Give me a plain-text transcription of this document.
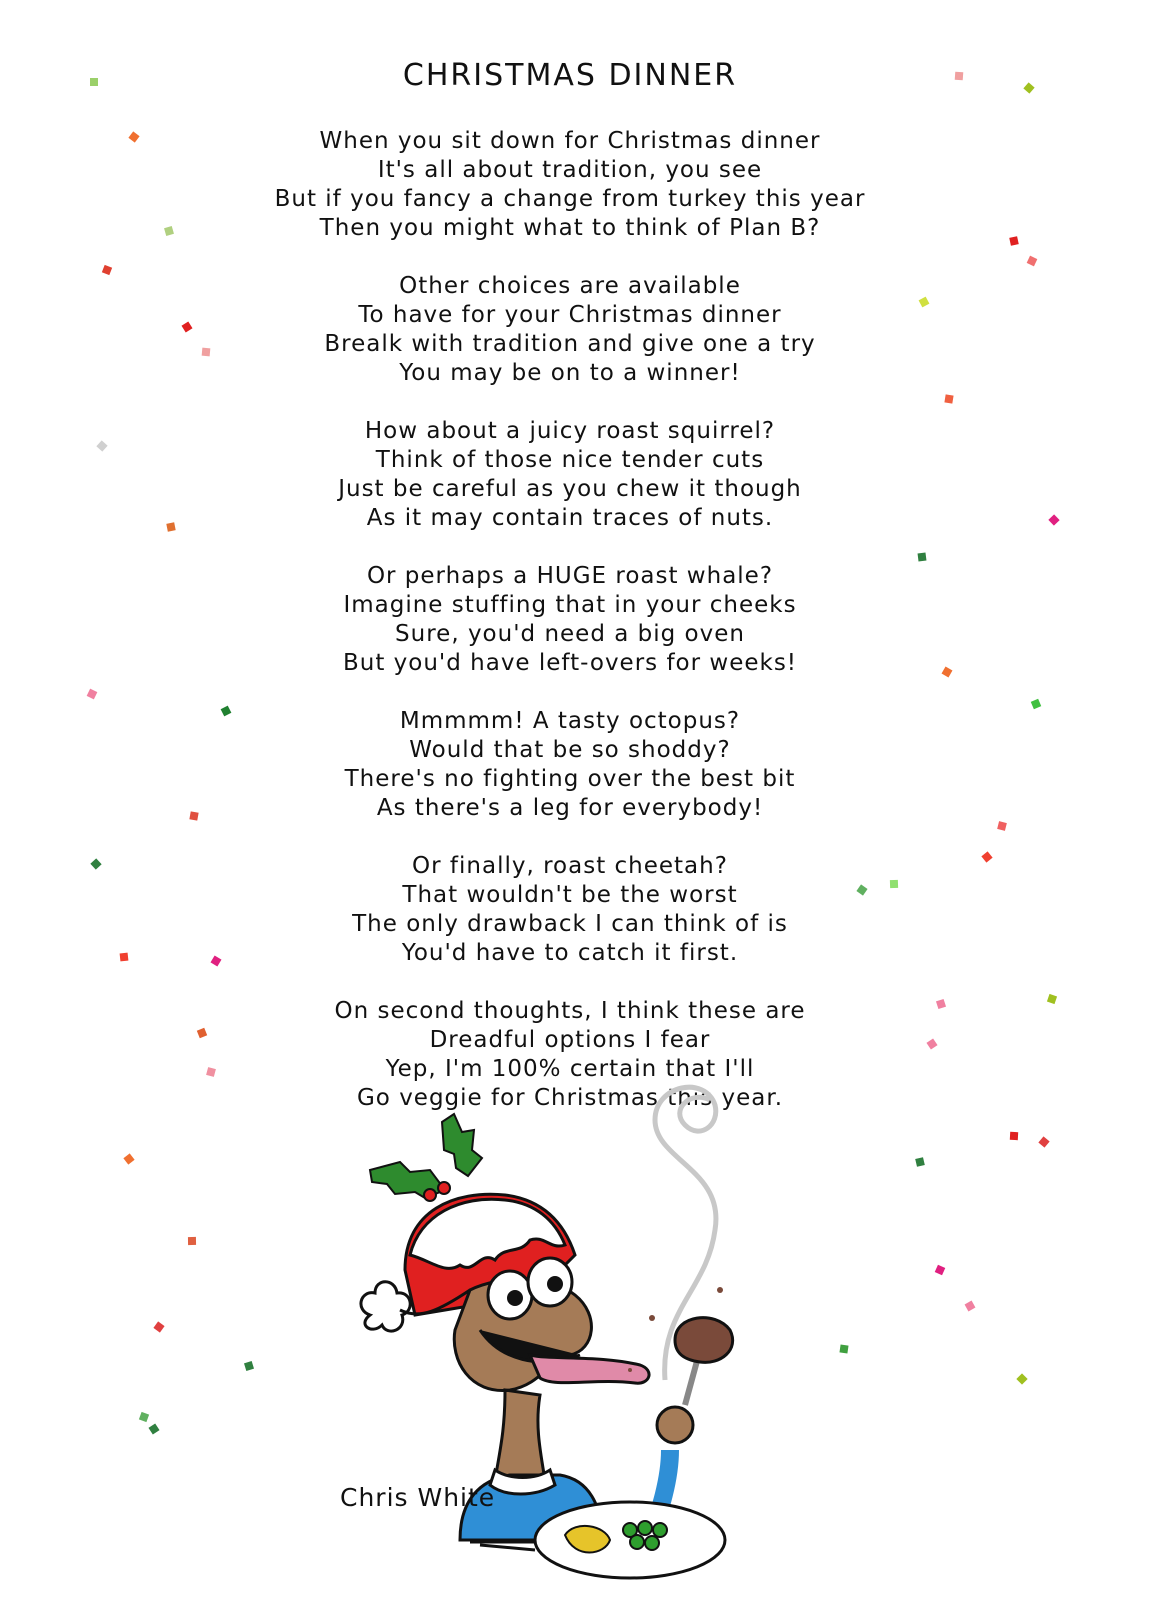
CHRISTMAS DINNER
When you sit down for Christmas dinner
It's all about tradition, you see
But if you fancy a change from turkey this year
Then you might what to think of Plan B?
Other choices are available
To have for your Christmas dinner
Brealk with tradition and give one a try
You may be on to a winner!
How about a juicy roast squirrel?
Think of those nice tender cuts
Just be careful as you chew it though
As it may contain traces of nuts.
Or perhaps a HUGE roast whale?
Imagine stuffing that in your cheeks
Sure, you'd need a big oven
But you'd have left-overs for weeks!
Mmmmm! A tasty octopus?
Would that be so shoddy?
There's no fighting over the best bit
As there's a leg for everybody!
Or finally, roast cheetah?
That wouldn't be the worst
The only drawback I can think of is
You'd have to catch it first.
On second thoughts, I think these are
Dreadful options I fear
Yep, I'm 100% certain that I'll
Go veggie for Christmas this year.
Chris White
